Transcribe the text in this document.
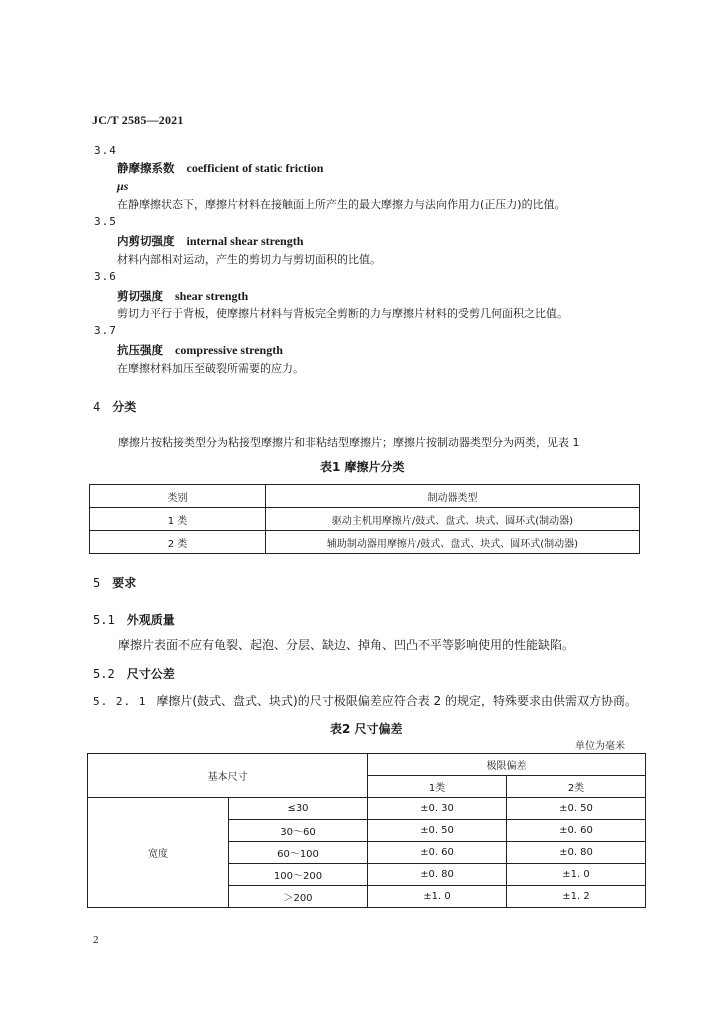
JC/T 2585—2021
3.4
静摩擦系数 coefficient of static friction
μs
在静摩擦状态下，摩擦片材料在接触面上所产生的最大摩擦力与法向作用力(正压力)的比值。
3.5
内剪切强度 internal shear strength
材料内部相对运动，产生的剪切力与剪切面积的比值。
3.6
剪切强度 shear strength
剪切力平行于背板，使摩擦片材料与背板完全剪断的力与摩擦片材料的受剪几何面积之比值。
3.7
抗压强度 compressive strength
在摩擦材料加压至破裂所需要的应力。
4 分类
摩擦片按粘接类型分为粘接型摩擦片和非粘结型摩擦片；摩擦片按制动器类型分为两类，见表 1
表1 摩擦片分类
类别	制动器类型
1 类	驱动主机用摩擦片/鼓式、盘式、块式、圆环式(制动器)
2 类	辅助制动器用摩擦片/鼓式、盘式、块式、圆环式(制动器)
5 要求
5.1 外观质量
摩擦片表面不应有龟裂、起泡、分层、缺边、掉角、凹凸不平等影响使用的性能缺陷。
5.2 尺寸公差
5. 2. 1 摩擦片(鼓式、盘式、块式)的尺寸极限偏差应符合表 2 的规定，特殊要求由供需双方协商。
表2 尺寸偏差
单位为毫米
基本尺寸		极限偏差	
		1类	2类
宽度	≤30	±0. 30	±0. 50
	30～60	±0. 50	±0. 60
	60～100	±0. 60	±0. 80
	100～200	±0. 80	±1. 0
	＞200	±1. 0	±1. 2
2
